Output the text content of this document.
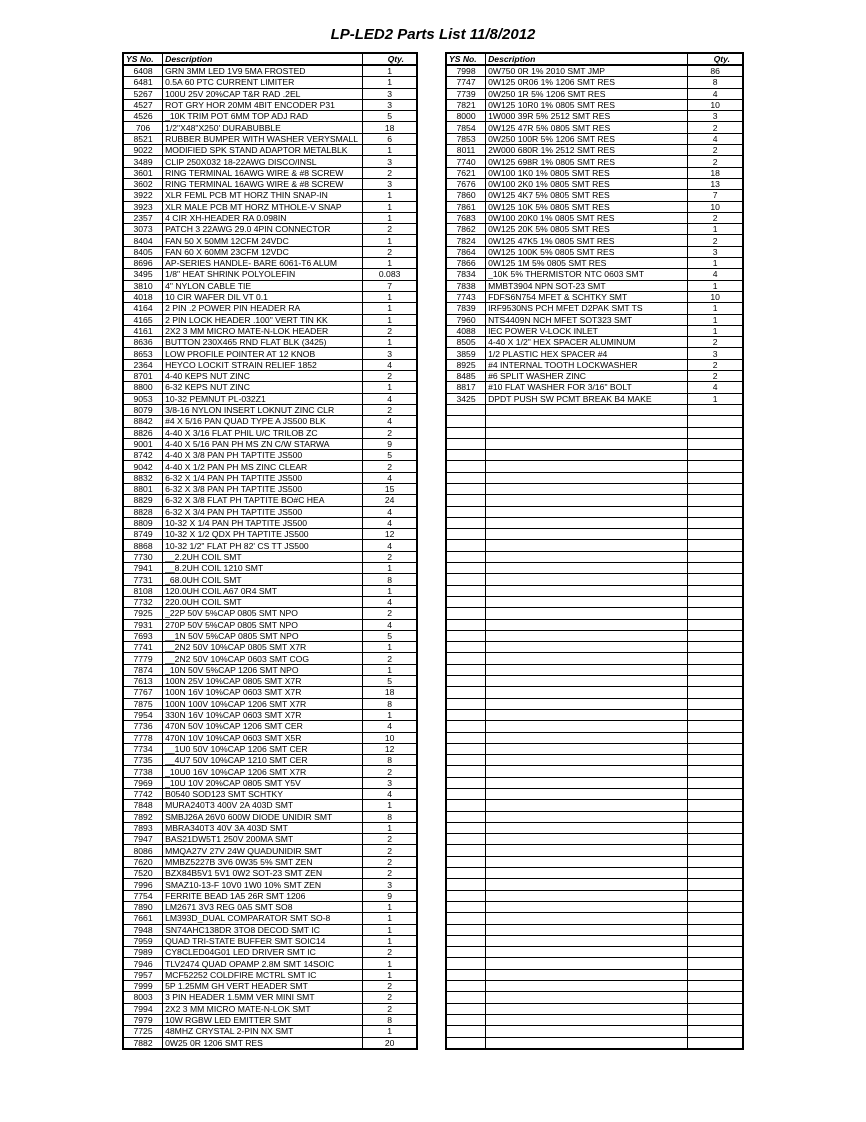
LP-LED2 Parts List 11/8/2012
YS No.	Description	Qty.
6408	GRN 3MM LED 1V9 5MA FROSTED	1
6481	0.5A 60 PTC CURRENT LIMITER	1
5267	100U 25V 20%CAP T&R RAD .2EL	3
4527	ROT GRY HOR 20MM 4BIT ENCODER P31	3
4526	_10K TRIM POT 6MM TOP ADJ RAD	5
706	1/2"X48"X250' DURABUBBLE	18
8521	RUBBER BUMPER WITH WASHER VERYSMALL	6
9022	MODIFIED SPK STAND ADAPTOR METALBLK	1
3489	CLIP 250X032 18-22AWG DISCO/INSL	3
3601	RING TERMINAL 16AWG WIRE & #8 SCREW	2
3602	RING TERMINAL 16AWG WIRE & #8 SCREW	3
3922	XLR FEML PCB MT HORZ THIN SNAP-IN	1
3923	XLR MALE PCB MT HORZ MTHOLE-V SNAP	1
2357	4 CIR XH-HEADER RA 0.098IN	1
3073	PATCH 3 22AWG 29.0 4PIN CONNECTOR	2
8404	FAN 50 X 50MM 12CFM 24VDC	1
8405	FAN 60 X 60MM 23CFM 12VDC	2
8696	AP-SERIES HANDLE- BARE 6061-T6 ALUM	1
3495	1/8" HEAT SHRINK POLYOLEFIN	0.083
3810	4" NYLON CABLE TIE	7
4018	10 CIR WAFER DIL VT 0.1	1
4164	2 PIN .2 POWER PIN HEADER RA	1
4165	2 PIN LOCK HEADER .100" VERT TIN KK	1
4161	2X2 3 MM MICRO MATE-N-LOK HEADER	2
8636	BUTTON 230X465 RND FLAT BLK (3425)	1
8653	LOW PROFILE POINTER AT 12 KNOB	3
2364	HEYCO LOCKIT STRAIN RELIEF 1852	4
8701	4-40 KEPS NUT ZINC	2
8800	6-32 KEPS NUT ZINC	1
9053	10-32 PEMNUT PL-032Z1	4
8079	3/8-16 NYLON INSERT LOKNUT ZINC CLR	2
8842	#4 X 5/16 PAN QUAD TYPE A JS500 BLK	4
8826	4-40 X 3/16 FLAT PHIL U/C TRILOB ZC	2
9001	4-40 X 5/16 PAN PH MS ZN C/W STARWA	9
8742	4-40 X 3/8 PAN PH TAPTITE JS500	5
9042	4-40 X 1/2 PAN PH MS ZINC CLEAR	2
8832	6-32 X 1/4 PAN PH TAPTITE JS500	4
8801	6-32 X 3/8 PAN PH TAPTITE JS500	15
8829	6-32 X 3/8 FLAT PH TAPTITE BO#C HEA	24
8828	6-32 X 3/4 PAN PH TAPTITE JS500	4
8809	10-32 X 1/4 PAN PH TAPTITE JS500	4
8749	10-32 X 1/2 QDX PH TAPTITE JS500	12
8868	10-32 1/2" FLAT PH 82' CS TT JS500	4
7730	__2.2UH COIL SMT	2
7941	__8.2UH COIL 1210 SMT	1
7731	_68.0UH COIL SMT	8
8108	120.0UH COIL A67 0R4 SMT	1
7732	220.0UH COIL SMT	4
7925	_22P 50V 5%CAP 0805 SMT NPO	2
7931	270P 50V 5%CAP 0805 SMT NPO	4
7693	__1N 50V 5%CAP 0805 SMT NPO	5
7741	__2N2 50V 10%CAP 0805 SMT X7R	1
7779	__2N2 50V 10%CAP 0603 SMT COG	2
7874	_10N 50V 5%CAP 1206 SMT NPO	1
7613	100N 25V 10%CAP 0805 SMT X7R	5
7767	100N 16V 10%CAP 0603 SMT X7R	18
7875	100N 100V 10%CAP 1206 SMT X7R	8
7954	330N 16V 10%CAP 0603 SMT X7R	1
7736	470N 50V 10%CAP 1206 SMT CER	4
7778	470N 10V 10%CAP 0603 SMT X5R	10
7734	__1U0 50V 10%CAP 1206 SMT CER	12
7735	__4U7 50V 10%CAP 1210 SMT CER	8
7738	_10U0 16V 10%CAP 1206 SMT X7R	2
7969	_10U 10V 20%CAP 0805 SMT Y5V	3
7742	B0540 SOD123 SMT SCHTKY	4
7848	MURA240T3 400V 2A 403D SMT	1
7892	SMBJ26A 26V0 600W DIODE UNIDIR SMT	8
7893	MBRA340T3 40V 3A 403D SMT	1
7947	BAS21DW5T1 250V 200MA SMT	2
8086	MMQA27V 27V 24W QUADUNIDIR SMT	2
7620	MMBZ5227B 3V6 0W35 5% SMT ZEN	2
7520	BZX84B5V1 5V1 0W2 SOT-23 SMT ZEN	2
7996	SMAZ10-13-F 10V0 1W0 10% SMT ZEN	3
7754	FERRITE BEAD 1A5 26R SMT 1206	9
7890	LM2671 3V3 REG 0A5 SMT SO8	1
7661	LM393D_DUAL COMPARATOR SMT SO-8	1
7948	SN74AHC138DR 3TO8 DECOD SMT IC	1
7959	QUAD TRI-STATE BUFFER SMT SOIC14	1
7989	CY8CLED04G01 LED DRIVER SMT IC	2
7946	TLV2474 QUAD OPAMP 2.8M SMT 14SOIC	1
7957	MCF52252 COLDFIRE MCTRL SMT IC	1
7999	5P 1.25MM GH VERT HEADER SMT	2
8003	3 PIN HEADER 1.5MM VER MINI SMT	2
7994	2X2 3 MM MICRO MATE-N-LOK SMT	2
7979	10W RGBW LED EMITTER SMT	8
7725	48MHZ CRYSTAL 2-PIN NX SMT	1
7882	0W25 0R 1206 SMT RES	20
YS No.	Description	Qty.
7998	0W750 0R 1% 2010 SMT JMP	86
7747	0W125 0R06 1% 1206 SMT RES	8
7739	0W250 1R 5% 1206 SMT RES	4
7821	0W125 10R0 1% 0805 SMT RES	10
8000	1W000 39R 5% 2512 SMT RES	3
7854	0W125 47R 5% 0805 SMT RES	2
7853	0W250 100R 5% 1206 SMT RES	4
8011	2W000 680R 1% 2512 SMT RES	2
7740	0W125 698R 1% 0805 SMT RES	2
7621	0W100 1K0 1% 0805 SMT RES	18
7676	0W100 2K0 1% 0805 SMT RES	13
7860	0W125 4K7 5% 0805 SMT RES	7
7861	0W125 10K 5% 0805 SMT RES	10
7683	0W100 20K0 1% 0805 SMT RES	2
7862	0W125 20K 5% 0805 SMT RES	1
7824	0W125 47K5 1% 0805 SMT RES	2
7864	0W125 100K 5% 0805 SMT RES	3
7866	0W125 1M 5% 0805 SMT RES	1
7834	_10K 5% THERMISTOR NTC 0603 SMT	4
7838	MMBT3904 NPN SOT-23 SMT	1
7743	FDFS6N754 MFET & SCHTKY SMT	10
7839	IRF9530NS PCH MFET D2PAK SMT TS	1
7960	NTS4409N NCH MFET SOT323 SMT	1
4088	IEC POWER V-LOCK INLET	1
8505	4-40 X 1/2" HEX SPACER ALUMINUM	2
3859	1/2 PLASTIC HEX SPACER #4	3
8925	#4 INTERNAL TOOTH LOCKWASHER	2
8485	#6 SPLIT WASHER ZINC	2
8817	#10 FLAT WASHER FOR 3/16" BOLT	4
3425	DPDT PUSH SW PCMT BREAK B4 MAKE	1
